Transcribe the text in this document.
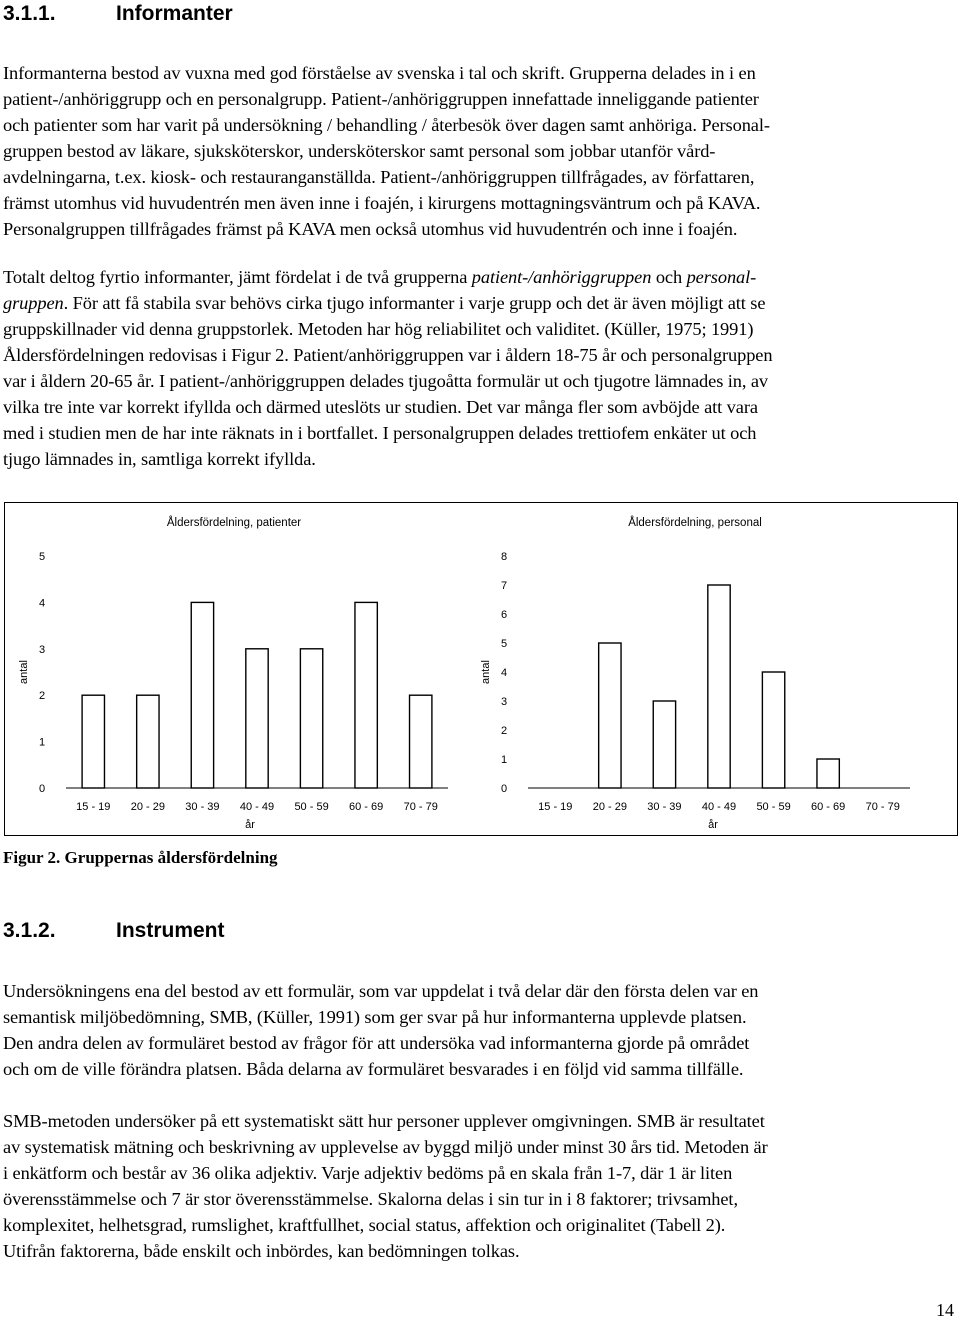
3.1.1.	Informanter

Informanterna bestod av vuxna med god förståelse av svenska i tal och skrift. Grupperna delades in i en
patient-/anhöriggrupp och en personalgrupp. Patient-/anhöriggruppen innefattade inneliggande patienter
och patienter som har varit på undersökning / behandling / återbesök över dagen samt anhöriga. Personal-
gruppen bestod av läkare, sjuksköterskor, undersköterskor samt personal som jobbar utanför vård-
avdelningarna, t.ex. kiosk- och restauranganställda. Patient-/anhöriggruppen tillfrågades, av författaren,
främst utomhus vid huvudentrén men även inne i foajén, i kirurgens mottagningsväntrum och på KAVA.
Personalgruppen tillfrågades främst på KAVA men också utomhus vid huvudentrén och inne i foajén.

Totalt deltog fyrtio informanter, jämt fördelat i de två grupperna patient-/anhöriggruppen och personal-
gruppen. För att få stabila svar behövs cirka tjugo informanter i varje grupp och det är även möjligt att se
gruppskillnader vid denna gruppstorlek. Metoden har hög reliabilitet och validitet. (Küller, 1975; 1991)
Åldersfördelningen redovisas i Figur 2. Patient/anhöriggruppen var i åldern 18-75 år och personalgruppen
var i åldern 20-65 år. I patient-/anhöriggruppen delades tjugoåtta formulär ut och tjugotre lämnades in, av
vilka tre inte var korrekt ifyllda och därmed uteslöts ur studien. Det var många fler som avböjde att vara
med i studien men de har inte räknats in i bortfallet. I personalgruppen delades trettiofem enkäter ut och
tjugo lämnades in, samtliga korrekt ifyllda.

Åldersfördelning, patienter
0
1
2
3
4
5
antal
15 - 19 20 - 29 30 - 39 40 - 49 50 - 59 60 - 69 70 - 79
år
Åldersfördelning, personal
0
1
2
3
4
5
6
7
8
antal
15 - 19 20 - 29 30 - 39 40 - 49 50 - 59 60 - 69 70 - 79
år

Figur 2. Gruppernas åldersfördelning

3.1.2.	Instrument

Undersökningens ena del bestod av ett formulär, som var uppdelat i två delar där den första delen var en
semantisk miljöbedömning, SMB, (Küller, 1991) som ger svar på hur informanterna upplevde platsen.
Den andra delen av formuläret bestod av frågor för att undersöka vad informanterna gjorde på området
och om de ville förändra platsen. Båda delarna av formuläret besvarades i en följd vid samma tillfälle.

SMB-metoden undersöker på ett systematiskt sätt hur personer upplever omgivningen. SMB är resultatet
av systematisk mätning och beskrivning av upplevelse av byggd miljö under minst 30 års tid. Metoden är
i enkätform och består av 36 olika adjektiv. Varje adjektiv bedöms på en skala från 1-7, där 1 är liten
överensstämmelse och 7 är stor överensstämmelse. Skalorna delas i sin tur in i 8 faktorer; trivsamhet,
komplexitet, helhetsgrad, rumslighet, kraftfullhet, social status, affektion och originalitet (Tabell 2).
Utifrån faktorerna, både enskilt och inbördes, kan bedömningen tolkas.

14
